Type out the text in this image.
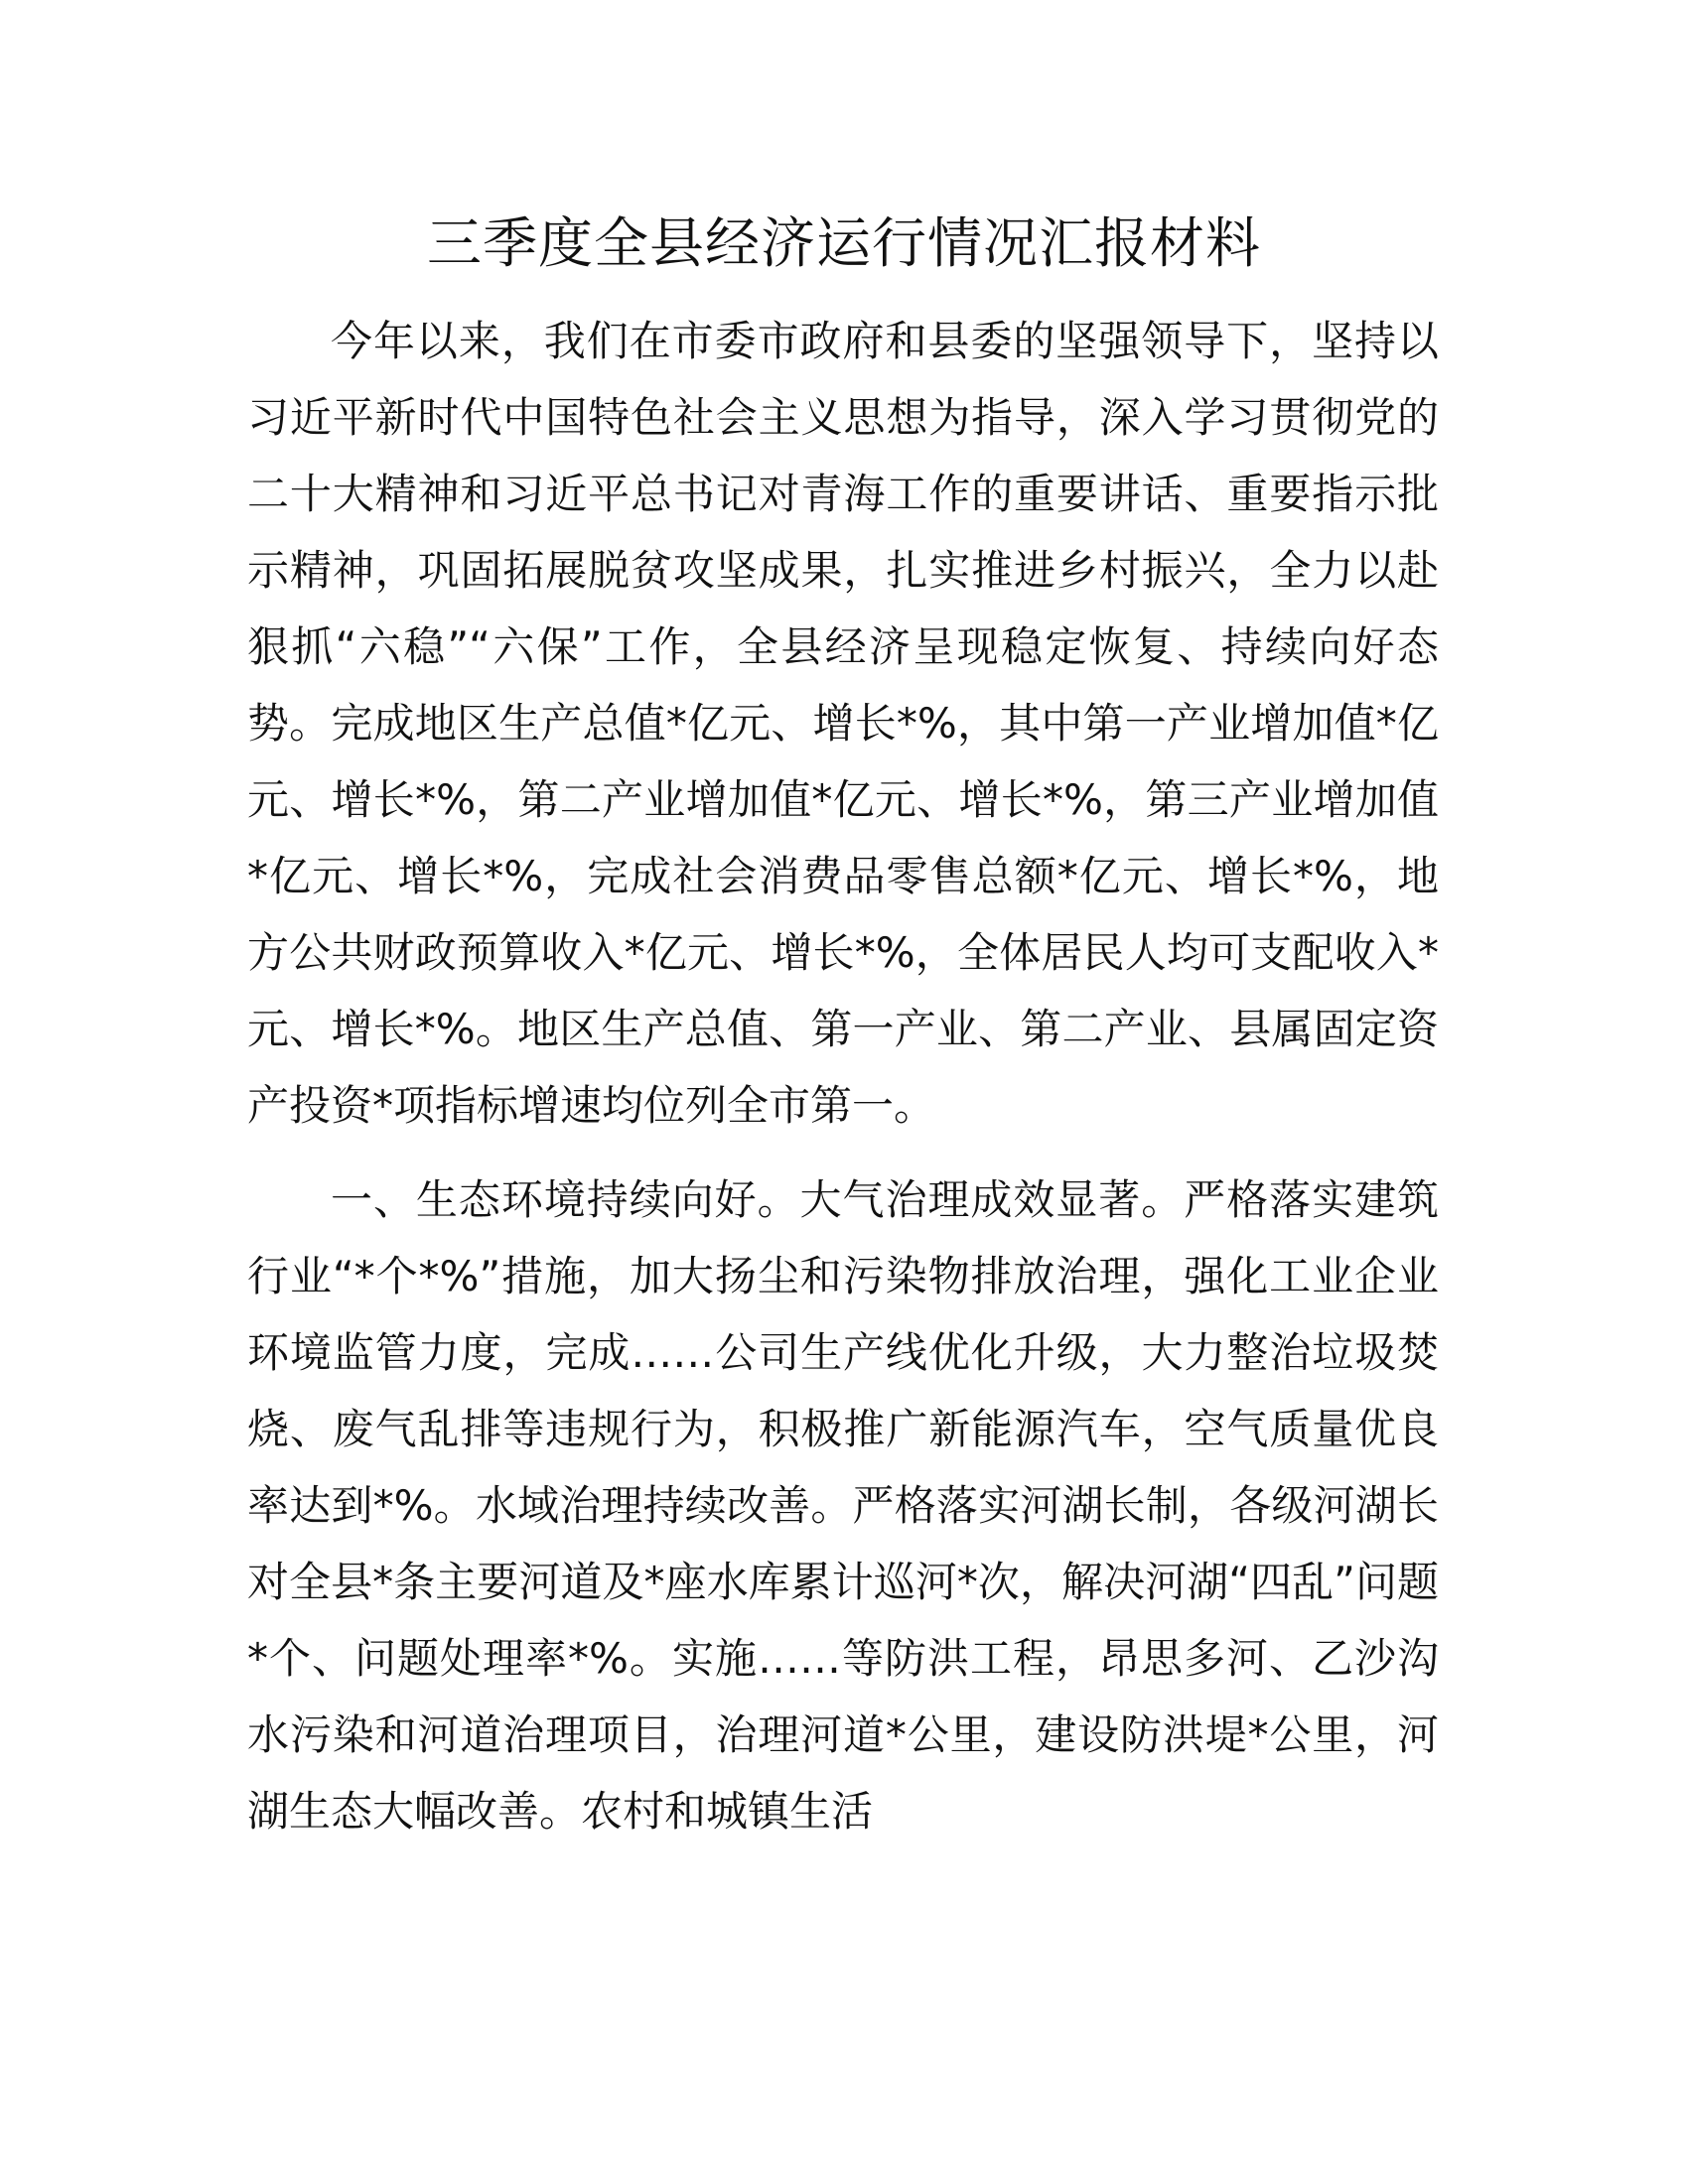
三季度全县经济运行情况汇报材料

今年以来，我们在市委市政府和县委的坚强领导下，坚持以习近平新时代中国特色社会主义思想为指导，深入学习贯彻党的二十大精神和习近平总书记对青海工作的重要讲话、重要指示批示精神，巩固拓展脱贫攻坚成果，扎实推进乡村振兴，全力以赴狠抓“六稳”“六保”工作，全县经济呈现稳定恢复、持续向好态势。完成地区生产总值*亿元、增长*%，其中第一产业增加值*亿元、增长*%，第二产业增加值*亿元、增长*%，第三产业增加值*亿元、增长*%，完成社会消费品零售总额*亿元、增长*%，地方公共财政预算收入*亿元、增长*%，全体居民人均可支配收入*元、增长*%。地区生产总值、第一产业、第二产业、县属固定资产投资*项指标增速均位列全市第一。

一、生态环境持续向好。大气治理成效显著。严格落实建筑行业“*个*%”措施，加大扬尘和污染物排放治理，强化工业企业环境监管力度，完成……公司生产线优化升级，大力整治垃圾焚烧、废气乱排等违规行为，积极推广新能源汽车，空气质量优良率达到*%。水域治理持续改善。严格落实河湖长制，各级河湖长对全县*条主要河道及*座水库累计巡河*次，解决河湖“四乱”问题*个、问题处理率*%。实施……等防洪工程，昂思多河、乙沙沟水污染和河道治理项目，治理河道*公里，建设防洪堤*公里，河湖生态大幅改善。农村和城镇生活
